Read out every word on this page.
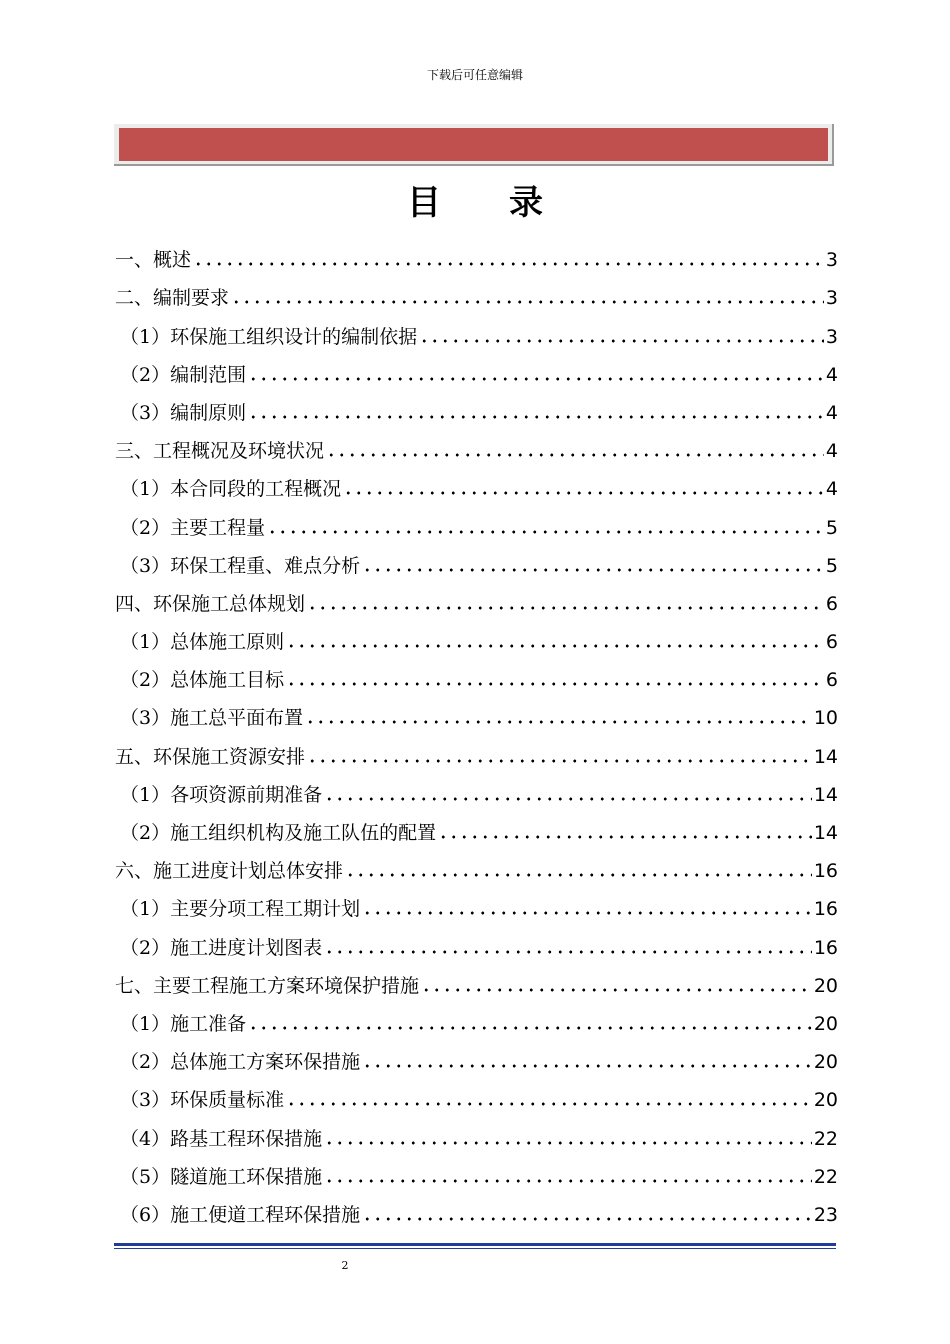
下载后可任意编辑
目录
一、概述	3
二、编制要求	3
（1）环保施工组织设计的编制依据	3
（2）编制范围	4
（3）编制原则	4
三、工程概况及环境状况	4
（1）本合同段的工程概况	4
（2）主要工程量	5
（3）环保工程重、难点分析	5
四、环保施工总体规划	6
（1）总体施工原则	6
（2）总体施工目标	6
（3）施工总平面布置	10
五、环保施工资源安排	14
（1）各项资源前期准备	14
（2）施工组织机构及施工队伍的配置	14
六、施工进度计划总体安排	16
（1）主要分项工程工期计划	16
（2）施工进度计划图表	16
七、主要工程施工方案环境保护措施	20
（1）施工准备	20
（2）总体施工方案环保措施	20
（3）环保质量标准	20
（4）路基工程环保措施	22
（5）隧道施工环保措施	22
（6）施工便道工程环保措施	23
2
